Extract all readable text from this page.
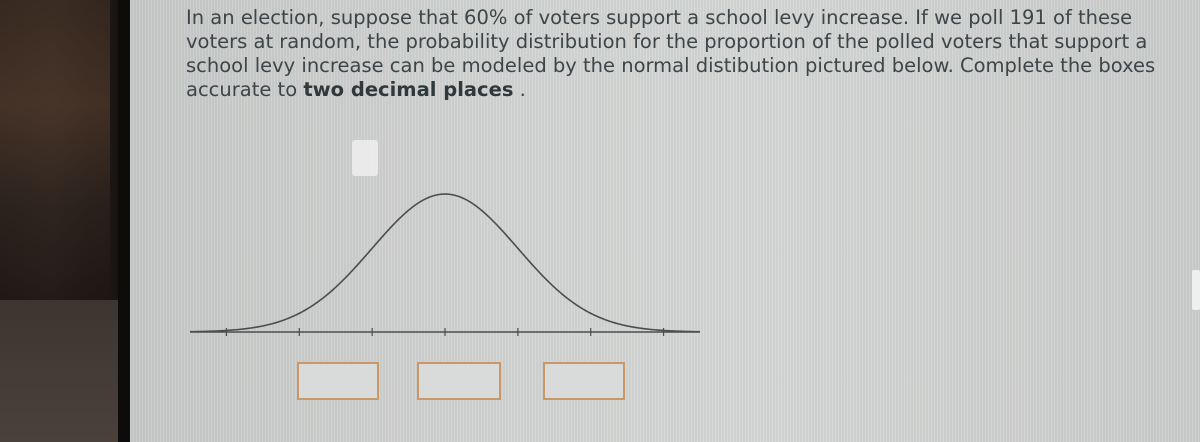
In an election, suppose that 60% of voters support a school levy increase. If we poll 191 of these voters at random, the probability distribution for the proportion of the polled voters that support a school levy increase can be modeled by the normal distibution pictured below. Complete the boxes accurate to two decimal places .
